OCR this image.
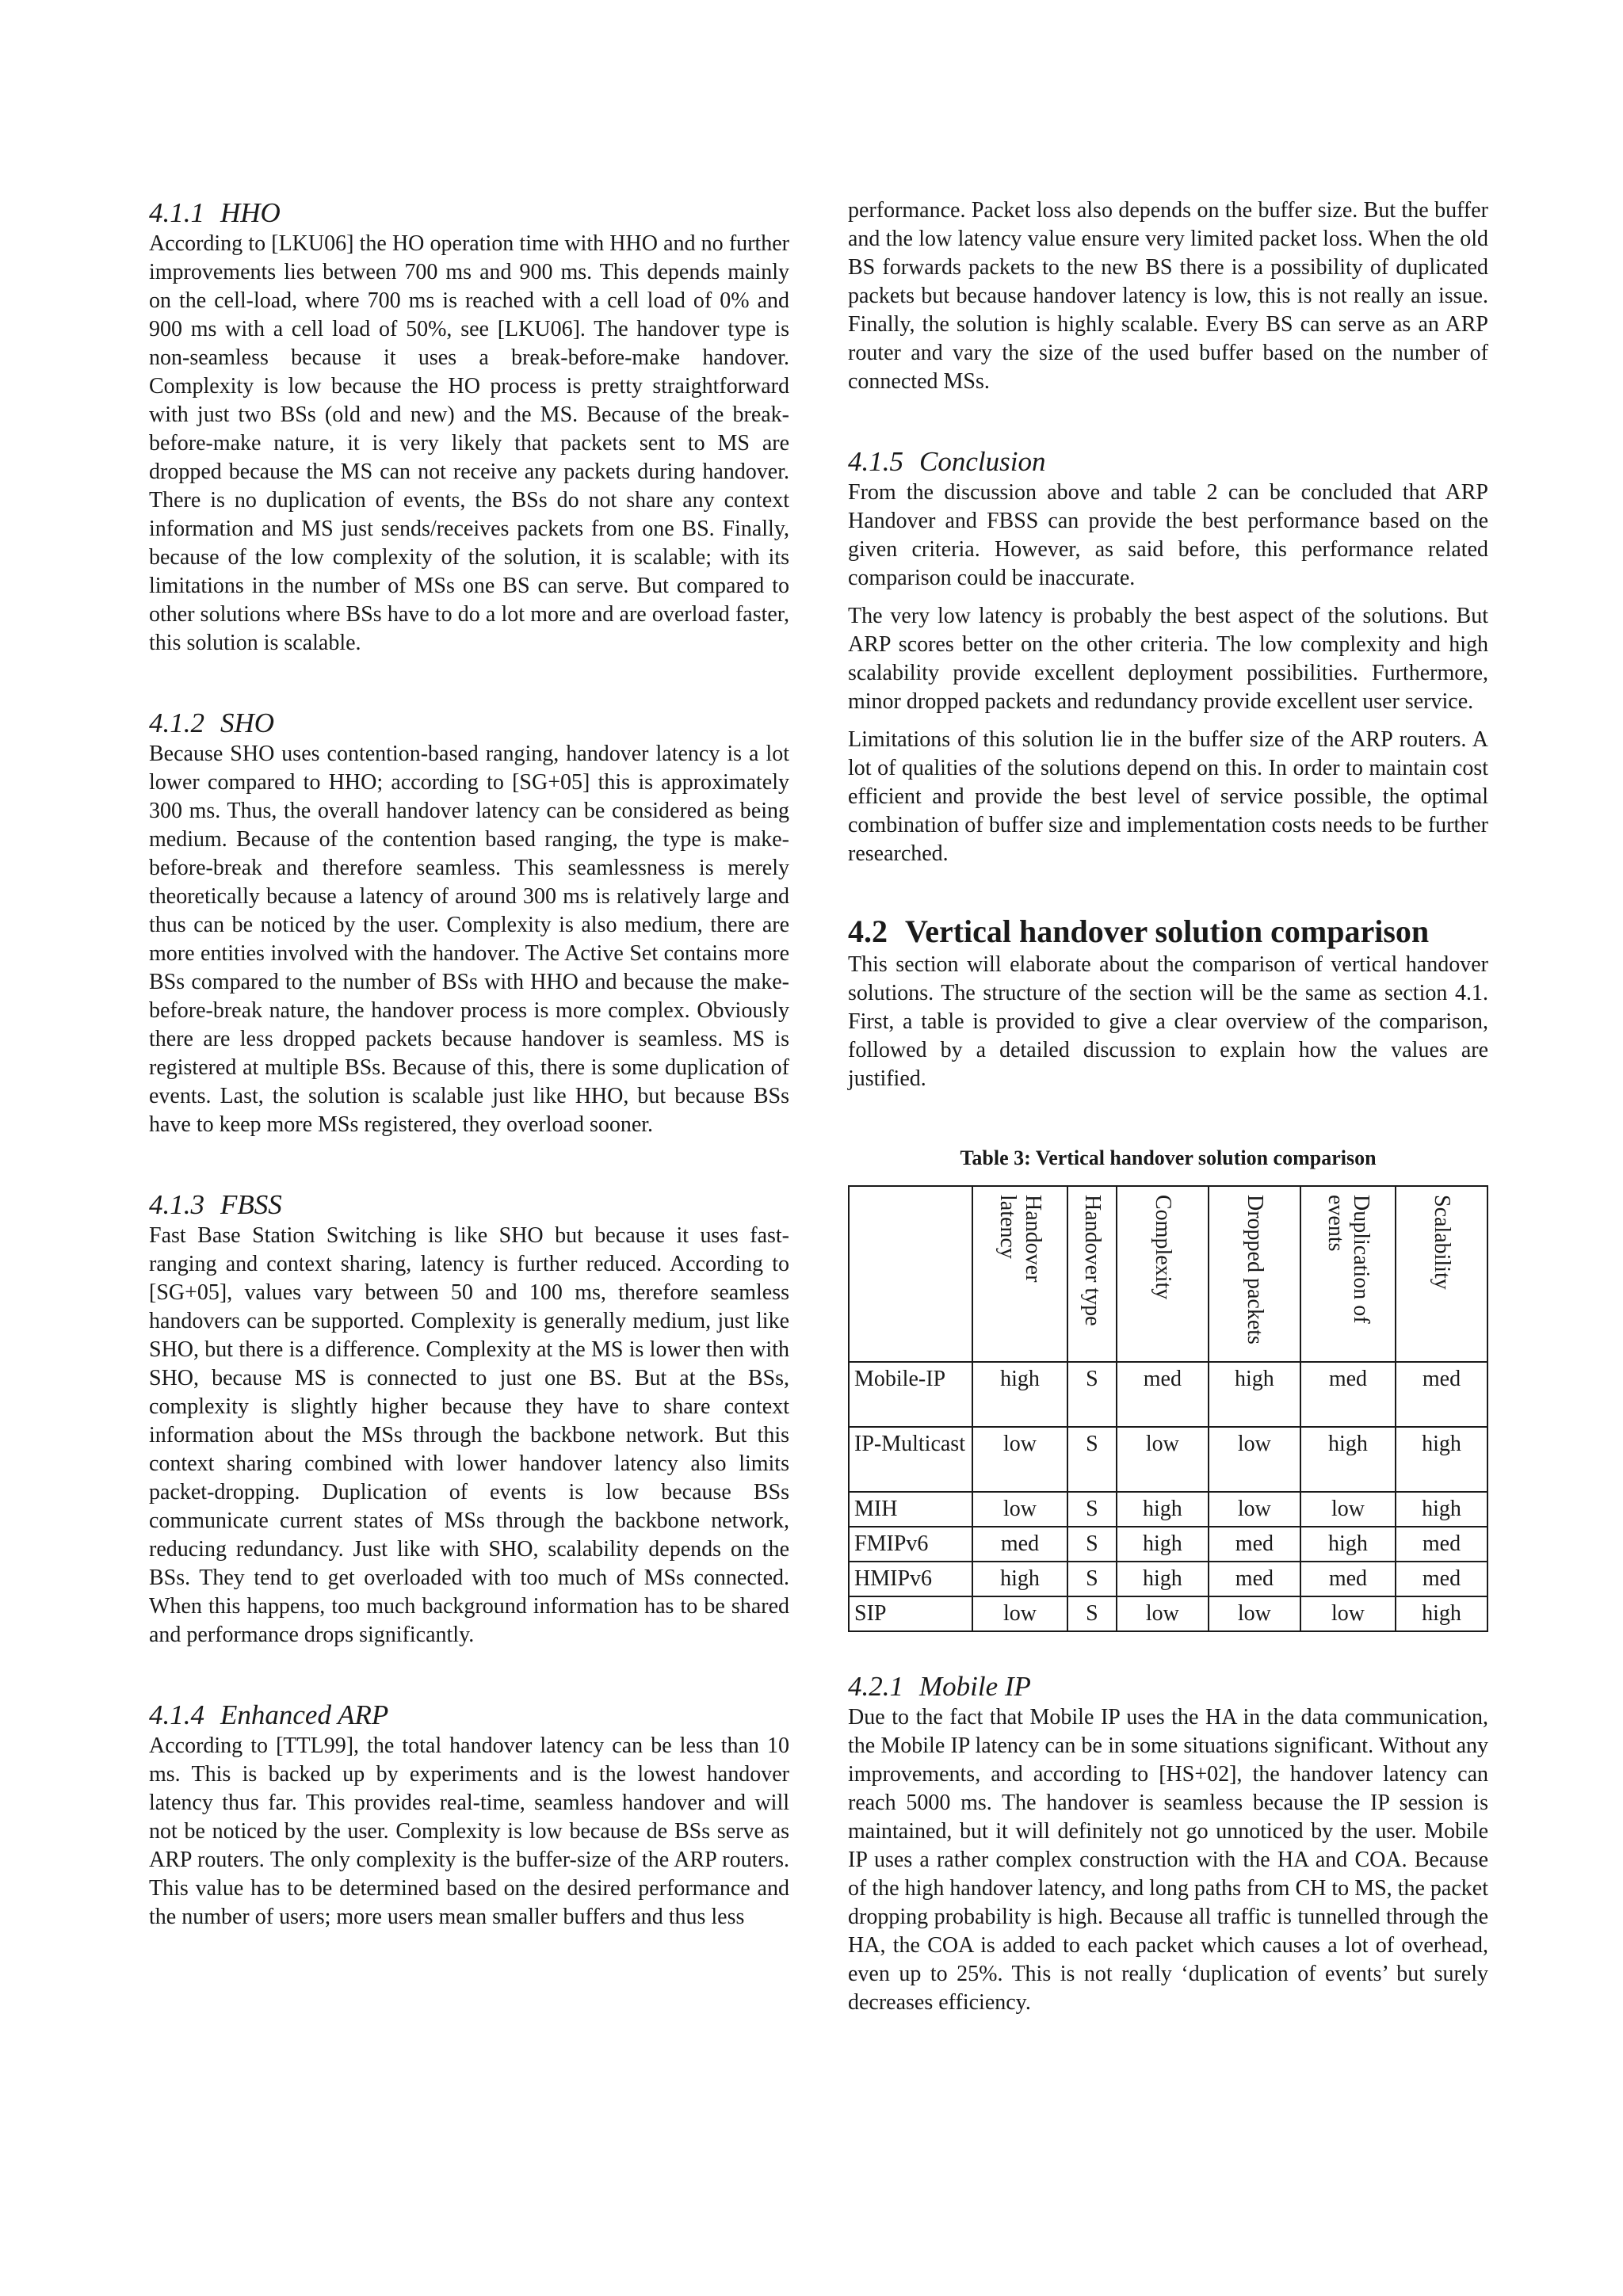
4.1.1 HHO

According to [LKU06] the HO operation time with HHO and no further improvements lies between 700 ms and 900 ms. This depends mainly on the cell-load, where 700 ms is reached with a cell load of 0% and 900 ms with a cell load of 50%, see [LKU06]. The handover type is non-seamless because it uses a break-before-make handover. Complexity is low because the HO process is pretty straightforward with just two BSs (old and new) and the MS. Because of the break-before-make nature, it is very likely that packets sent to MS are dropped because the MS can not receive any packets during handover. There is no duplication of events, the BSs do not share any context information and MS just sends/receives packets from one BS. Finally, because of the low complexity of the solution, it is scalable; with its limitations in the number of MSs one BS can serve. But compared to other solutions where BSs have to do a lot more and are overload faster, this solution is scalable.

4.1.2 SHO

Because SHO uses contention-based ranging, handover latency is a lot lower compared to HHO; according to [SG+05] this is approximately 300 ms. Thus, the overall handover latency can be considered as being medium. Because of the contention based ranging, the type is make-before-break and therefore seamless. This seamlessness is merely theoretically because a latency of around 300 ms is relatively large and thus can be noticed by the user. Complexity is also medium, there are more entities involved with the handover. The Active Set contains more BSs compared to the number of BSs with HHO and because the make-before-break nature, the handover process is more complex. Obviously there are less dropped packets because handover is seamless. MS is registered at multiple BSs. Because of this, there is some duplication of events. Last, the solution is scalable just like HHO, but because BSs have to keep more MSs registered, they overload sooner.

4.1.3 FBSS

Fast Base Station Switching is like SHO but because it uses fast-ranging and context sharing, latency is further reduced. According to [SG+05], values vary between 50 and 100 ms, therefore seamless handovers can be supported. Complexity is generally medium, just like SHO, but there is a difference. Complexity at the MS is lower then with SHO, because MS is connected to just one BS. But at the BSs, complexity is slightly higher because they have to share context information about the MSs through the backbone network. But this context sharing combined with lower handover latency also limits packet-dropping. Duplication of events is low because BSs communicate current states of MSs through the backbone network, reducing redundancy. Just like with SHO, scalability depends on the BSs. They tend to get overloaded with too much of MSs connected. When this happens, too much background information has to be shared and performance drops significantly.

4.1.4 Enhanced ARP

According to [TTL99], the total handover latency can be less than 10 ms. This is backed up by experiments and is the lowest handover latency thus far. This provides real-time, seamless handover and will not be noticed by the user. Complexity is low because de BSs serve as ARP routers. The only complexity is the buffer-size of the ARP routers. This value has to be determined based on the desired performance and the number of users; more users mean smaller buffers and thus less

performance. Packet loss also depends on the buffer size. But the buffer and the low latency value ensure very limited packet loss. When the old BS forwards packets to the new BS there is a possibility of duplicated packets but because handover latency is low, this is not really an issue. Finally, the solution is highly scalable. Every BS can serve as an ARP router and vary the size of the used buffer based on the number of connected MSs.

4.1.5 Conclusion

From the discussion above and table 2 can be concluded that ARP Handover and FBSS can provide the best performance based on the given criteria. However, as said before, this performance related comparison could be inaccurate.

The very low latency is probably the best aspect of the solutions. But ARP scores better on the other criteria. The low complexity and high scalability provide excellent deployment possibilities. Furthermore, minor dropped packets and redundancy provide excellent user service.

Limitations of this solution lie in the buffer size of the ARP routers. A lot of qualities of the solutions depend on this. In order to maintain cost efficient and provide the best level of service possible, the optimal combination of buffer size and implementation costs needs to be further researched.

4.2 Vertical handover solution comparison

This section will elaborate about the comparison of vertical handover solutions. The structure of the section will be the same as section 4.1. First, a table is provided to give a clear overview of the comparison, followed by a detailed discussion to explain how the values are justified.

Table 3: Vertical handover solution comparison
	Handover latency	Handover type	Complexity	Dropped packets	Duplication of events	Scalability
Mobile-IP	high	S	med	high	med	med
IP-Multicast	low	S	low	low	high	high
MIH	low	S	high	low	low	high
FMIPv6	med	S	high	med	high	med
HMIPv6	high	S	high	med	med	med
SIP	low	S	low	low	low	high
4.2.1 Mobile IP

Due to the fact that Mobile IP uses the HA in the data communication, the Mobile IP latency can be in some situations significant. Without any improvements, and according to [HS+02], the handover latency can reach 5000 ms. The handover is seamless because the IP session is maintained, but it will definitely not go unnoticed by the user. Mobile IP uses a rather complex construction with the HA and COA. Because of the high handover latency, and long paths from CH to MS, the packet dropping probability is high. Because all traffic is tunnelled through the HA, the COA is added to each packet which causes a lot of overhead, even up to 25%. This is not really ‘duplication of events’ but surely decreases efficiency.
